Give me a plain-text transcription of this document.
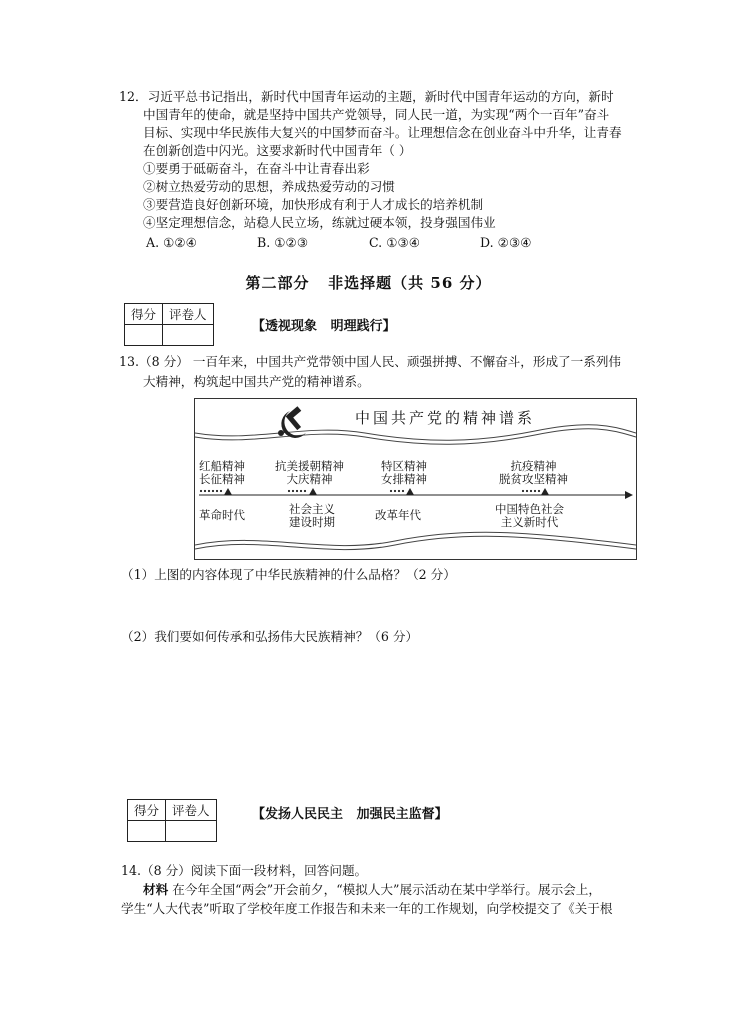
12．习近平总书记指出，新时代中国青年运动的主题，新时代中国青年运动的方向，新时
中国青年的使命，就是坚持中国共产党领导，同人民一道，为实现“两个一百年”奋斗
目标、实现中华民族伟大复兴的中国梦而奋斗。让理想信念在创业奋斗中升华，让青春
在创新创造中闪光。这要求新时代中国青年（ ）
①要勇于砥砺奋斗，在奋斗中让青春出彩
②树立热爱劳动的思想，养成热爱劳动的习惯
③要营造良好创新环境，加快形成有利于人才成长的培养机制
④坚定理想信念，站稳人民立场，练就过硬本领，投身强国伟业
A. ①②④	B. ①②③	C. ①③④	D. ②③④
第二部分   非选择题（共 56 分）
得分	评卷人

【透视现象   明理践行】
13.（8 分） 一百年来，中国共产党带领中国人民、顽强拼搏、不懈奋斗，形成了一系列伟
大精神，构筑起中国共产党的精神谱系。
中国共产党的精神谱系
红船精神
长征精神
抗美援朝精神
大庆精神
特区精神
女排精神
抗疫精神
脱贫攻坚精神
革命时代	社会主义
建设时期	改革年代	中国特色社会
主义新时代
（1）上图的内容体现了中华民族精神的什么品格？（2 分）
（2）我们要如何传承和弘扬伟大民族精神？（6 分）
得分	评卷人
		【发扬人民民主   加强民主监督】
14.（8 分）阅读下面一段材料，回答问题。
材料 在今年全国“两会”开会前夕，“模拟人大”展示活动在某中学举行。展示会上，
学生“人大代表”听取了学校年度工作报告和未来一年的工作规划，向学校提交了《关于根
